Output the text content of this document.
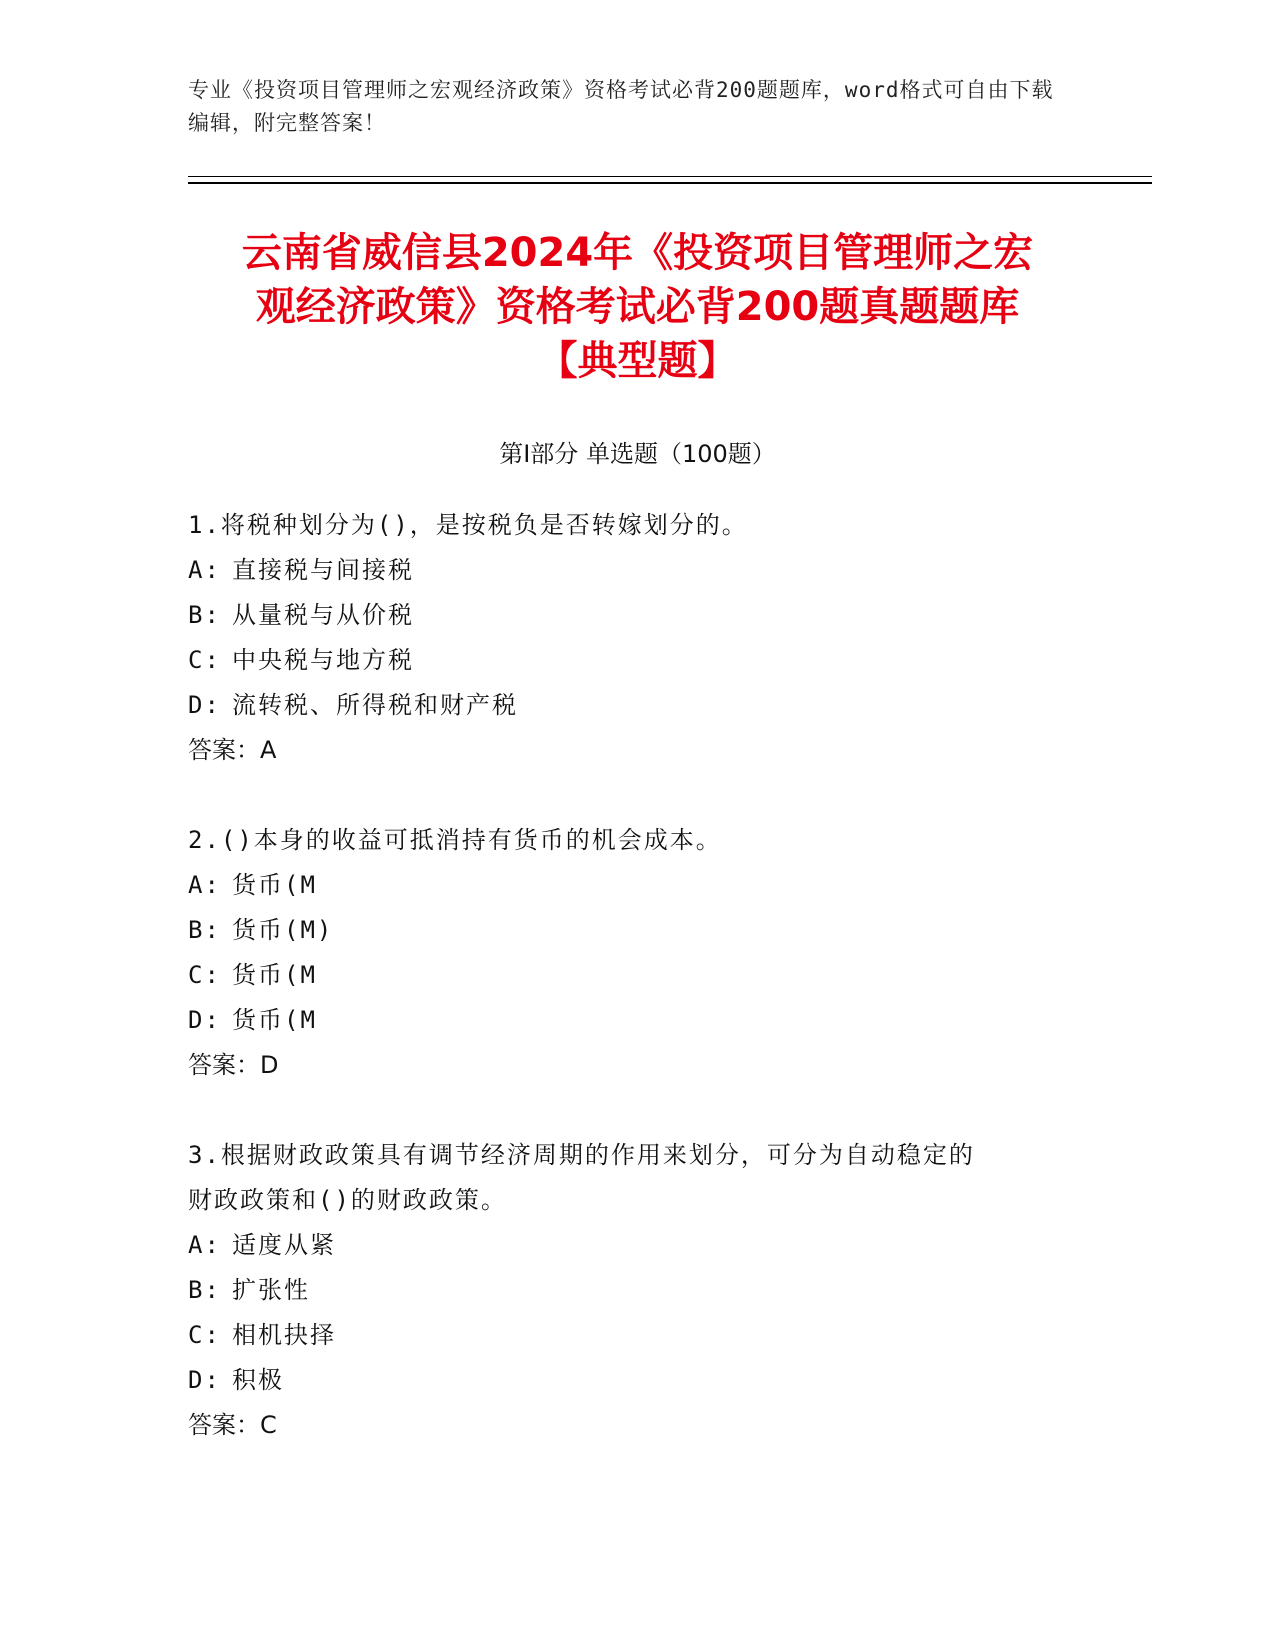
专业《投资项目管理师之宏观经济政策》资格考试必背200题题库，word格式可自由下载编辑，附完整答案！
云南省威信县2024年《投资项目管理师之宏
观经济政策》资格考试必背200题真题题库
【典型题】
第I部分 单选题（100题）
1.将税种划分为()，是按税负是否转嫁划分的。
A: 直接税与间接税
B: 从量税与从价税
C: 中央税与地方税
D: 流转税、所得税和财产税
答案：A
2.()本身的收益可抵消持有货币的机会成本。
A: 货币(M
B: 货币(M)
C: 货币(M
D: 货币(M
答案：D
3.根据财政政策具有调节经济周期的作用来划分，可分为自动稳定的
财政政策和()的财政政策。
A: 适度从紧
B: 扩张性
C: 相机抉择
D: 积极
答案：C
